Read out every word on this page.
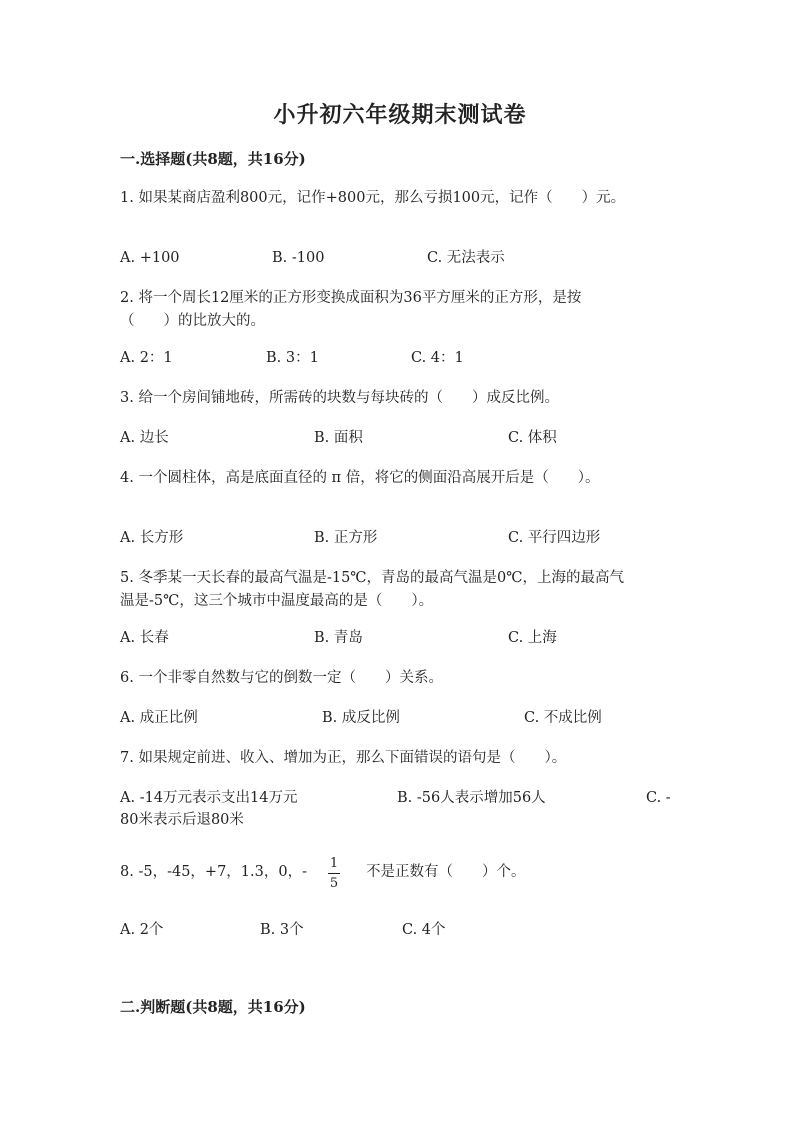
小升初六年级期末测试卷
一.选择题(共8题，共16分)
1. 如果某商店盈利800元，记作+800元，那么亏损100元，记作（　　）元。
A. +100	B. -100	C. 无法表示
2. 将一个周长12厘米的正方形变换成面积为36平方厘米的正方形，是按
（　　）的比放大的。
A. 2：1	B. 3：1	C. 4：1
3. 给一个房间铺地砖，所需砖的块数与每块砖的（　　）成反比例。
A. 边长	B. 面积	C. 体积
4. 一个圆柱体，高是底面直径的 π 倍，将它的侧面沿高展开后是（　　）。
A. 长方形	B. 正方形	C. 平行四边形
5. 冬季某一天长春的最高气温是-15℃，青岛的最高气温是0℃，上海的最高气
温是-5℃，这三个城市中温度最高的是（　　）。
A. 长春	B. 青岛	C. 上海
6. 一个非零自然数与它的倒数一定（　　）关系。
A. 成正比例	B. 成反比例	C. 不成比例
7. 如果规定前进、收入、增加为正，那么下面错误的语句是（　　）。
A. -14万元表示支出14万元	B. -56人表示增加56人	C. -
80米表示后退80米
8. -5，-45，+7，1.3，0，-
1
5
不是正数有（　　）个。
A. 2个	B. 3个	C. 4个
二.判断题(共8题，共16分)
